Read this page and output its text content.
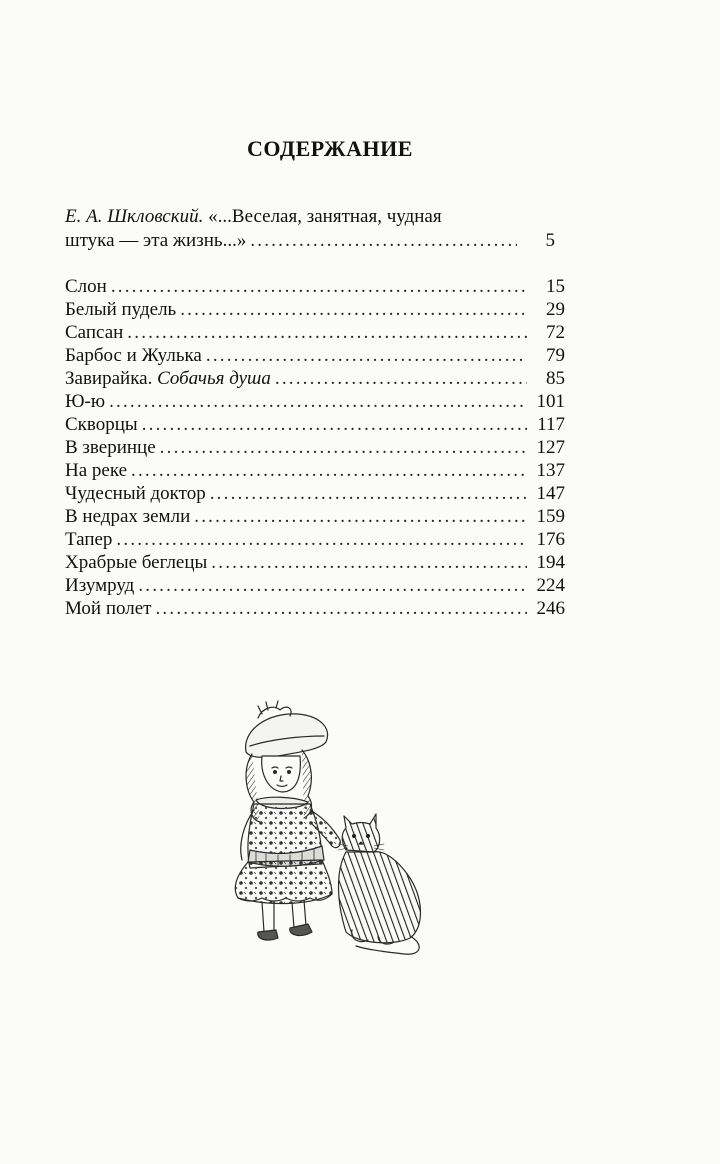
СОДЕРЖАНИЕ
Е. А. Шкловский. «...Веселая, занятная, чудная
штука — эта жизнь...» .....	5
Слон .....	15
Белый пудель .....	29
Сапсан .....	72
Барбос и Жулька .....	79
Завирайка. Собачья душа .....	85
Ю-ю .....	101
Скворцы .....	117
В зверинце .....	127
На реке .....	137
Чудесный доктор .....	147
В недрах земли .....	159
Тапер .....	176
Храбрые беглецы .....	194
Изумруд .....	224
Мой полет .....	246
